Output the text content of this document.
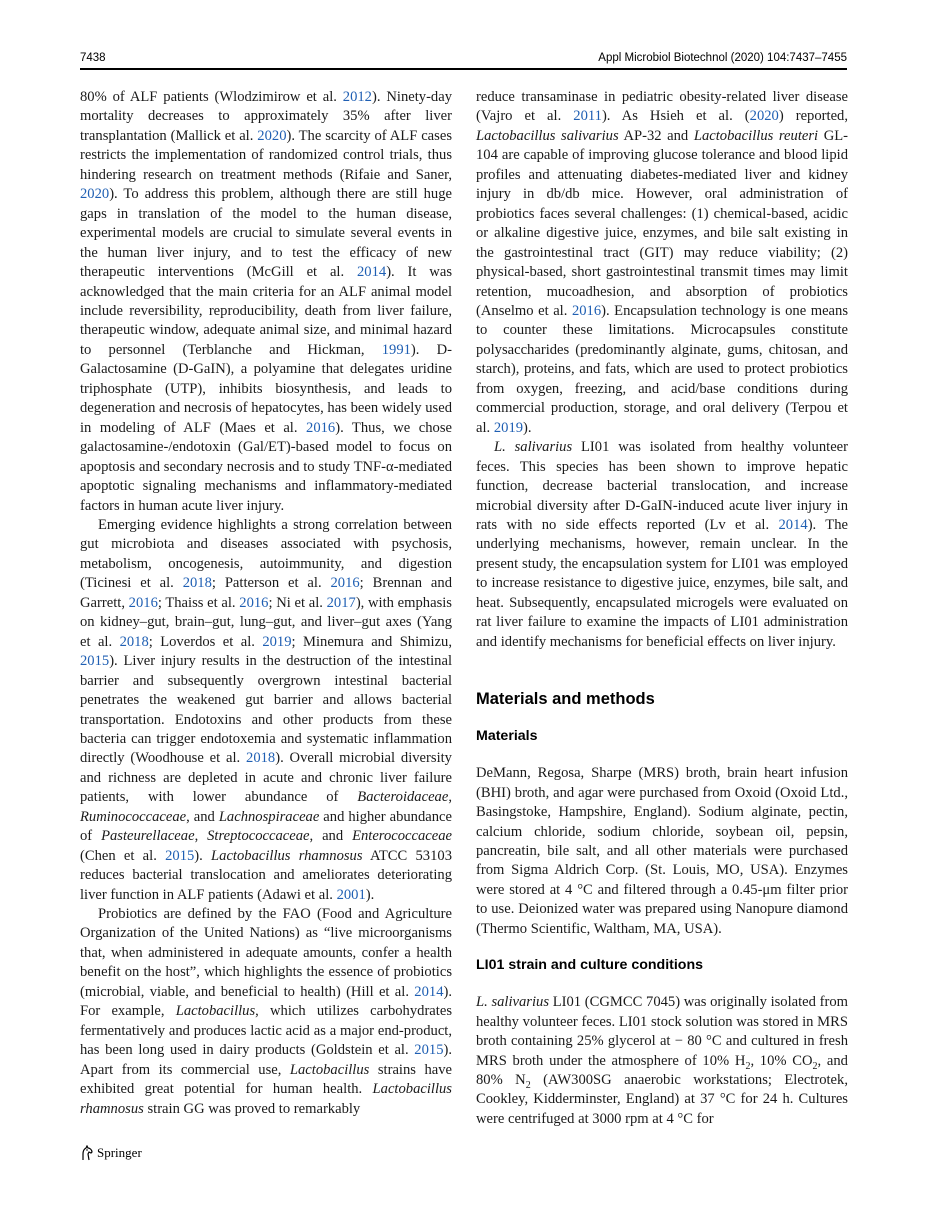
7438	Appl Microbiol Biotechnol (2020) 104:7437–7455

80% of ALF patients (Wlodzimirow et al. 2012). Ninety-day mortality decreases to approximately 35% after liver transplantation (Mallick et al. 2020). The scarcity of ALF cases restricts the implementation of randomized control trials, thus hindering research on treatment methods (Rifaie and Saner, 2020). To address this problem, although there are still huge gaps in translation of the model to the human disease, experimental models are crucial to simulate several events in the human liver injury, and to test the efficacy of new therapeutic interventions (McGill et al. 2014). It was acknowledged that the main criteria for an ALF animal model include reversibility, reproducibility, death from liver failure, therapeutic window, adequate animal size, and minimal hazard to personnel (Terblanche and Hickman, 1991). D-Galactosamine (D-GaIN), a polyamine that delegates uridine triphosphate (UTP), inhibits biosynthesis, and leads to degeneration and necrosis of hepatocytes, has been widely used in modeling of ALF (Maes et al. 2016). Thus, we chose galactosamine-/endotoxin (Gal/ET)-based model to focus on apoptosis and secondary necrosis and to study TNF-α-mediated apoptotic signaling mechanisms and inflammatory-mediated factors in human acute liver injury.

Emerging evidence highlights a strong correlation between gut microbiota and diseases associated with psychosis, metabolism, oncogenesis, autoimmunity, and digestion (Ticinesi et al. 2018; Patterson et al. 2016; Brennan and Garrett, 2016; Thaiss et al. 2016; Ni et al. 2017), with emphasis on kidney–gut, brain–gut, lung–gut, and liver–gut axes (Yang et al. 2018; Loverdos et al. 2019; Minemura and Shimizu, 2015). Liver injury results in the destruction of the intestinal barrier and subsequently overgrown intestinal bacterial penetrates the weakened gut barrier and allows bacterial transportation. Endotoxins and other products from these bacteria can trigger endotoxemia and systematic inflammation directly (Woodhouse et al. 2018). Overall microbial diversity and richness are depleted in acute and chronic liver failure patients, with lower abundance of Bacteroidaceae, Ruminococcaceae, and Lachnospiraceae and higher abundance of Pasteurellaceae, Streptococcaceae, and Enterococcaceae (Chen et al. 2015). Lactobacillus rhamnosus ATCC 53103 reduces bacterial translocation and ameliorates deteriorating liver function in ALF patients (Adawi et al. 2001).

Probiotics are defined by the FAO (Food and Agriculture Organization of the United Nations) as “live microorganisms that, when administered in adequate amounts, confer a health benefit on the host”, which highlights the essence of probiotics (microbial, viable, and beneficial to health) (Hill et al. 2014). For example, Lactobacillus, which utilizes carbohydrates fermentatively and produces lactic acid as a major end-product, has been long used in dairy products (Goldstein et al. 2015). Apart from its commercial use, Lactobacillus strains have exhibited great potential for human health. Lactobacillus rhamnosus strain GG was proved to remarkably

reduce transaminase in pediatric obesity-related liver disease (Vajro et al. 2011). As Hsieh et al. (2020) reported, Lactobacillus salivarius AP-32 and Lactobacillus reuteri GL-104 are capable of improving glucose tolerance and blood lipid profiles and attenuating diabetes-mediated liver and kidney injury in db/db mice. However, oral administration of probiotics faces several challenges: (1) chemical-based, acidic or alkaline digestive juice, enzymes, and bile salt existing in the gastrointestinal tract (GIT) may reduce viability; (2) physical-based, short gastrointestinal transmit times may limit retention, mucoadhesion, and absorption of probiotics (Anselmo et al. 2016). Encapsulation technology is one means to counter these limitations. Microcapsules constitute polysaccharides (predominantly alginate, gums, chitosan, and starch), proteins, and fats, which are used to protect probiotics from oxygen, freezing, and acid/base conditions during commercial production, storage, and oral delivery (Terpou et al. 2019).

L. salivarius LI01 was isolated from healthy volunteer feces. This species has been shown to improve hepatic function, decrease bacterial translocation, and increase microbial diversity after D-GaIN-induced acute liver injury in rats with no side effects reported (Lv et al. 2014). The underlying mechanisms, however, remain unclear. In the present study, the encapsulation system for LI01 was employed to increase resistance to digestive juice, enzymes, bile salt, and heat. Subsequently, encapsulated microgels were evaluated on rat liver failure to examine the impacts of LI01 administration and identify mechanisms for beneficial effects on liver injury.

Materials and methods
Materials

DeMann, Regosa, Sharpe (MRS) broth, brain heart infusion (BHI) broth, and agar were purchased from Oxoid (Oxoid Ltd., Basingstoke, Hampshire, England). Sodium alginate, pectin, calcium chloride, sodium chloride, soybean oil, pepsin, pancreatin, bile salt, and all other materials were purchased from Sigma Aldrich Corp. (St. Louis, MO, USA). Enzymes were stored at 4 °C and filtered through a 0.45-μm filter prior to use. Deionized water was prepared using Nanopure diamond (Thermo Scientific, Waltham, MA, USA).

LI01 strain and culture conditions

L. salivarius LI01 (CGMCC 7045) was originally isolated from healthy volunteer feces. LI01 stock solution was stored in MRS broth containing 25% glycerol at − 80 °C and cultured in fresh MRS broth under the atmosphere of 10% $H_2$, 10% $CO_2$, and 80% $N_2$ (AW300SG anaerobic workstations; Electrotek, Cookley, Kidderminster, England) at 37 °C for 24 h. Cultures were centrifuged at 3000 rpm at 4 °C for

Springer
